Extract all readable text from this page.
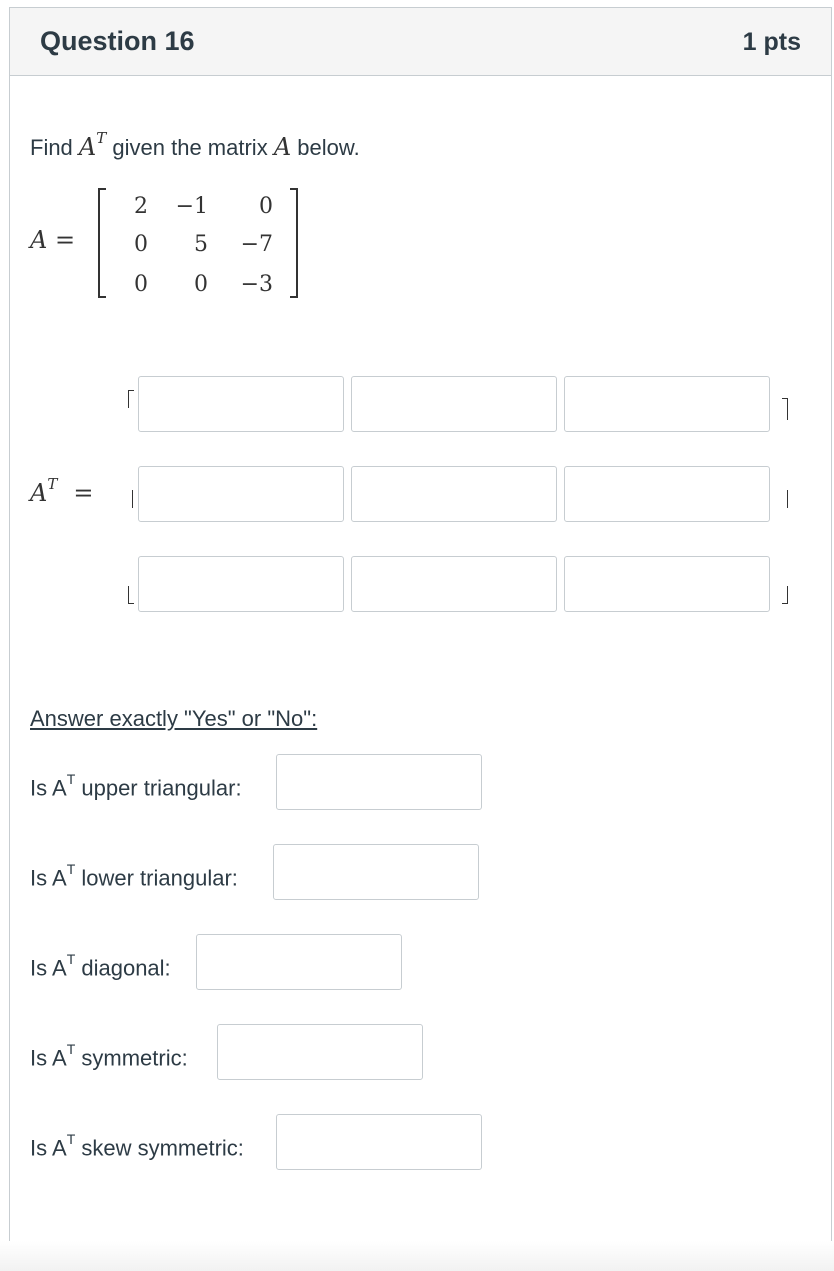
Question 16	1 pts
Find $A^T$ given the matrix A below.
A =
2	−1	0
0	5	−7
0	0	−3
$A^T$ =
Answer exactly "Yes" or "No":
Is $A^T$ upper triangular:
Is $A^T$ lower triangular:
Is $A^T$ diagonal:
Is $A^T$ symmetric:
Is $A^T$ skew symmetric:
